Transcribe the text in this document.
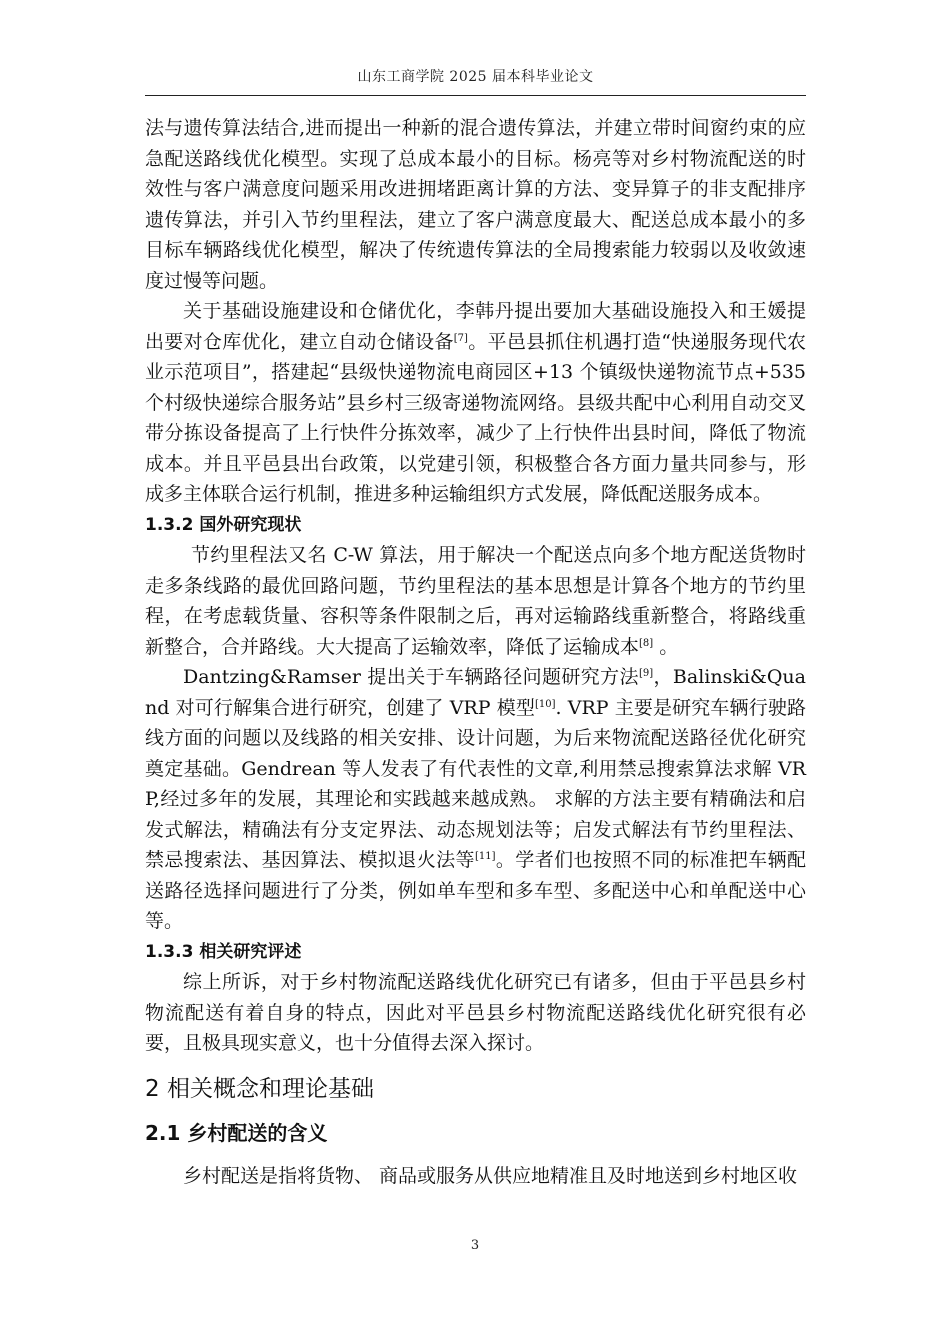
山东工商学院 2025 届本科毕业论文

法与遗传算法结合,进而提出一种新的混合遗传算法，并建立带时间窗约束的应急配送路线优化模型。实现了总成本最小的目标。杨亮等对乡村物流配送的时效性与客户满意度问题采用改进拥堵距离计算的方法、变异算子的非支配排序遗传算法，并引入节约里程法，建立了客户满意度最大、配送总成本最小的多目标车辆路线优化模型，解决了传统遗传算法的全局搜索能力较弱以及收敛速度过慢等问题。

关于基础设施建设和仓储优化，李韩丹提出要加大基础设施投入和王媛提出要对仓库优化，建立自动仓储设备[7]。平邑县抓住机遇打造“快递服务现代农业示范项目”，搭建起“县级快递物流电商园区+13 个镇级快递物流节点+535 个村级快递综合服务站”县乡村三级寄递物流网络。县级共配中心利用自动交叉带分拣设备提高了上行快件分拣效率，减少了上行快件出县时间，降低了物流成本。并且平邑县出台政策，以党建引领，积极整合各方面力量共同参与，形成多主体联合运行机制，推进多种运输组织方式发展，降低配送服务成本。

1.3.2 国外研究现状

节约里程法又名 C-W 算法，用于解决一个配送点向多个地方配送货物时走多条线路的最优回路问题，节约里程法的基本思想是计算各个地方的节约里程，在考虑载货量、容积等条件限制之后，再对运输路线重新整合，将路线重新整合，合并路线。大大提高了运输效率，降低了运输成本[8] 。

Dantzing&Ramser 提出关于车辆路径问题研究方法[9]，Balinski&Quand 对可行解集合进行研究，创建了 VRP 模型[10]. VRP 主要是研究车辆行驶路线方面的问题以及线路的相关安排、设计问题，为后来物流配送路径优化研究奠定基础。Gendrean 等人发表了有代表性的文章,利用禁忌搜索算法求解 VRP,经过多年的发展，其理论和实践越来越成熟。 求解的方法主要有精确法和启发式解法，精确法有分支定界法、动态规划法等；启发式解法有节约里程法、禁忌搜索法、基因算法、模拟退火法等[11]。学者们也按照不同的标准把车辆配送路径选择问题进行了分类，例如单车型和多车型、多配送中心和单配送中心等。

1.3.3 相关研究评述

综上所诉，对于乡村物流配送路线优化研究已有诸多，但由于平邑县乡村物流配送有着自身的特点，因此对平邑县乡村物流配送路线优化研究很有必要，且极具现实意义，也十分值得去深入探讨。

2 相关概念和理论基础
2.1 乡村配送的含义

乡村配送是指将货物、 商品或服务从供应地精准且及时地送到乡村地区收

3
